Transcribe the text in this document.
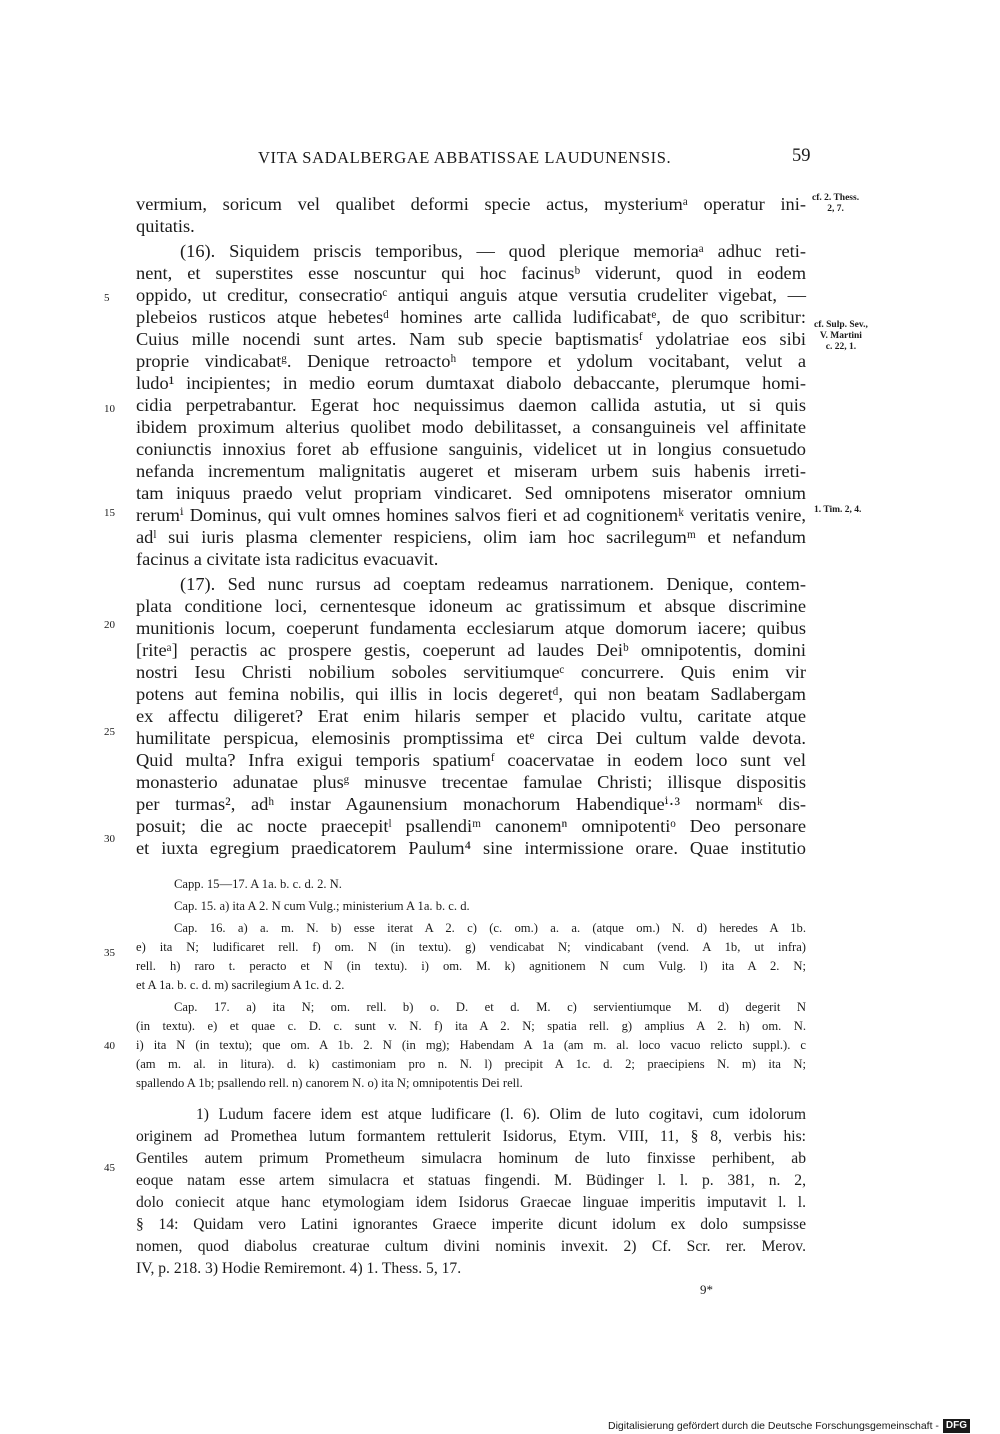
VITA SADALBERGAE ABBATISSAE LAUDUNENSIS.	59
cf. 2. Thess.
2, 7.
cf. Sulp. Sev.,
V. Martini
c. 22, 1.
1. Tim. 2, 4.
5
10
15
20
25
30
35
40
45
vermium, soricum vel qualibet deformi specie actus, mysteriumᵃ operatur ini-
quitatis.
(16). Siquidem priscis temporibus, — quod plerique memoriaᵃ adhuc reti-
nent, et superstites esse noscuntur qui hoc facinusᵇ viderunt, quod in eodem
oppido, ut creditur, consecratioᶜ antiqui anguis atque versutia crudeliter vigebat, —
plebeios rusticos atque hebetesᵈ homines arte callida ludificabatᵉ, de quo scribitur:
Cuius mille nocendi sunt artes. Nam sub specie baptismatisᶠ ydolatriae eos sibi
proprie vindicabatᵍ. Denique retroactoʰ tempore et ydolum vocitabant, velut a
ludo¹ incipientes; in medio eorum dumtaxat diabolo debaccante, plerumque homi-
cidia perpetrabantur. Egerat hoc nequissimus daemon callida astutia, ut si quis
ibidem proximum alterius quolibet modo debilitasset, a consanguineis vel affinitate
coniunctis innoxius foret ab effusione sanguinis, videlicet ut in longius consuetudo
nefanda incrementum malignitatis augeret et miseram urbem suis habenis irreti-
tam iniquus praedo velut propriam vindicaret. Sed omnipotens miserator omnium
rerumⁱ Dominus, qui vult omnes homines salvos fieri et ad cognitionemᵏ veritatis venire,
adˡ sui iuris plasma clementer respiciens, olim iam hoc sacrilegumᵐ et nefandum
facinus a civitate ista radicitus evacuavit.
(17). Sed nunc rursus ad coeptam redeamus narrationem. Denique, contem-
plata conditione loci, cernentesque idoneum ac gratissimum et absque discrimine
munitionis locum, coeperunt fundamenta ecclesiarum atque domorum iacere; quibus
[riteᵃ] peractis ac prospere gestis, coeperunt ad laudes Deiᵇ omnipotentis, domini
nostri Iesu Christi nobilium soboles servitiumqueᶜ concurrere. Quis enim vir
potens aut femina nobilis, qui illis in locis degeretᵈ, qui non beatam Sadlabergam
ex affectu diligeret? Erat enim hilaris semper et placido vultu, caritate atque
humilitate perspicua, elemosinis promptissima etᵉ circa Dei cultum valde devota.
Quid multa? Infra exigui temporis spatiumᶠ coacervatae in eodem loco sunt vel
monasterio adunatae plusᵍ minusve trecentae famulae Christi; illisque dispositis
per turmas², adʰ instar Agaunensium monachorum Habendiqueⁱ·³ normamᵏ dis-
posuit; die ac nocte praecepitˡ psallendiᵐ canonemⁿ omnipotentiᵒ Deo personare
et iuxta egregium praedicatorem Paulum⁴ sine intermissione orare. Quae institutio
Capp. 15—17. A 1a. b. c. d. 2. N.
Cap. 15. a) ita A 2. N cum Vulg.; ministerium A 1a. b. c. d.
Cap. 16. a) a. m. N. b) esse iterat A 2. c) (c. om.) a. a. (atque om.) N. d) heredes A 1b.
e) ita N; ludificaret rell. f) om. N (in textu). g) vendicabat N; vindicabant (vend. A 1b, ut infra)
rell. h) raro t. peracto et N (in textu). i) om. M. k) agnitionem N cum Vulg. l) ita A 2. N;
et A 1a. b. c. d. m) sacrilegium A 1c. d. 2.
Cap. 17. a) ita N; om. rell. b) o. D. et d. M. c) servientiumque M. d) degerit N
(in textu). e) et quae c. D. c. sunt v. N. f) ita A 2. N; spatia rell. g) amplius A 2. h) om. N.
i) ita N (in textu); que om. A 1b. 2. N (in mg); Habendam A 1a (am m. al. loco vacuo relicto suppl.). c
(am m. al. in litura). d. k) castimoniam pro n. N. l) precipit A 1c. d. 2; praecipiens N. m) ita N;
spallendo A 1b; psallendo rell. n) canorem N. o) ita N; omnipotentis Dei rell.
1) Ludum facere idem est atque ludificare (l. 6). Olim de luto cogitavi, cum idolorum
originem ad Promethea lutum formantem rettulerit Isidorus, Etym. VIII, 11, § 8, verbis his:
Gentiles autem primum Prometheum simulacra hominum de luto finxisse perhibent, ab
eoque natam esse artem simulacra et statuas fingendi. M. Büdinger l. l. p. 381, n. 2,
dolo coniecit atque hanc etymologiam idem Isidorus Graecae linguae imperitis imputavit l. l.
§ 14: Quidam vero Latini ignorantes Graece imperite dicunt idolum ex dolo sumpsisse
nomen, quod diabolus creaturae cultum divini nominis invexit. 2) Cf. Scr. rer. Merov.
IV, p. 218. 3) Hodie Remiremont. 4) 1. Thess. 5, 17.
9*
Digitalisierung gefördert durch die Deutsche Forschungsgemeinschaft - DFG
